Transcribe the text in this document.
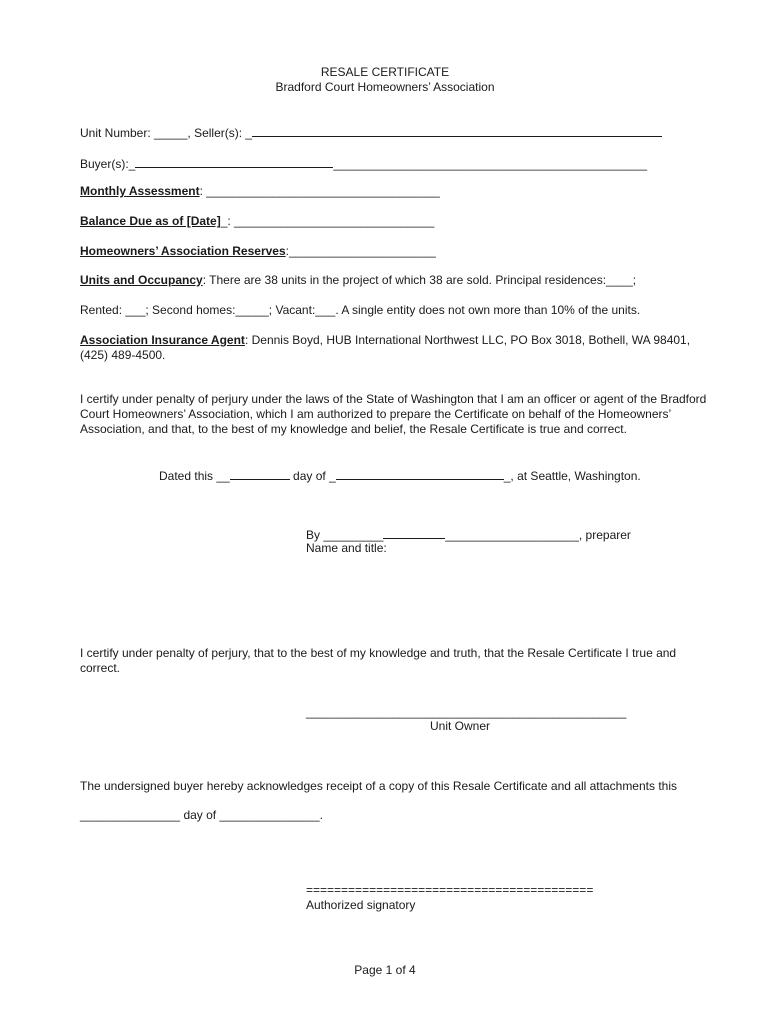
RESALE CERTIFICATE
Bradford Court Homeowners’ Association
Unit Number: _____, Seller(s): _
Buyer(s):_	_______________________________________________
Monthly Assessment: ___________________________________
Balance Due as of [Date]_: ______________________________
Homeowners’ Association Reserves:______________________
Units and Occupancy: There are 38 units in the project of which 38 are sold. Principal residences:____;
Rented: ___; Second homes:_____; Vacant:___. A single entity does not own more than 10% of the units.
Association Insurance Agent: Dennis Boyd, HUB International Northwest LLC, PO Box 3018, Bothell, WA 98401, (425) 489-4500.
I certify under penalty of perjury under the laws of the State of Washington that I am an officer or agent of the Bradford Court Homeowners’ Association, which I am authorized to prepare the Certificate on behalf of the Homeowners’ Association, and that, to the best of my knowledge and belief, the Resale Certificate is true and correct.
Dated this __	day of _	_, at Seattle, Washington.
By _________	____________________, preparer
Name and title:
I certify under penalty of perjury, that to the best of my knowledge and truth, that the Resale Certificate I true and correct.
________________________________________________
Unit Owner
The undersigned buyer hereby acknowledges receipt of a copy of this Resale Certificate and all attachments this
_______________ day of _______________.
=========================================
Authorized signatory
Page 1 of 4
